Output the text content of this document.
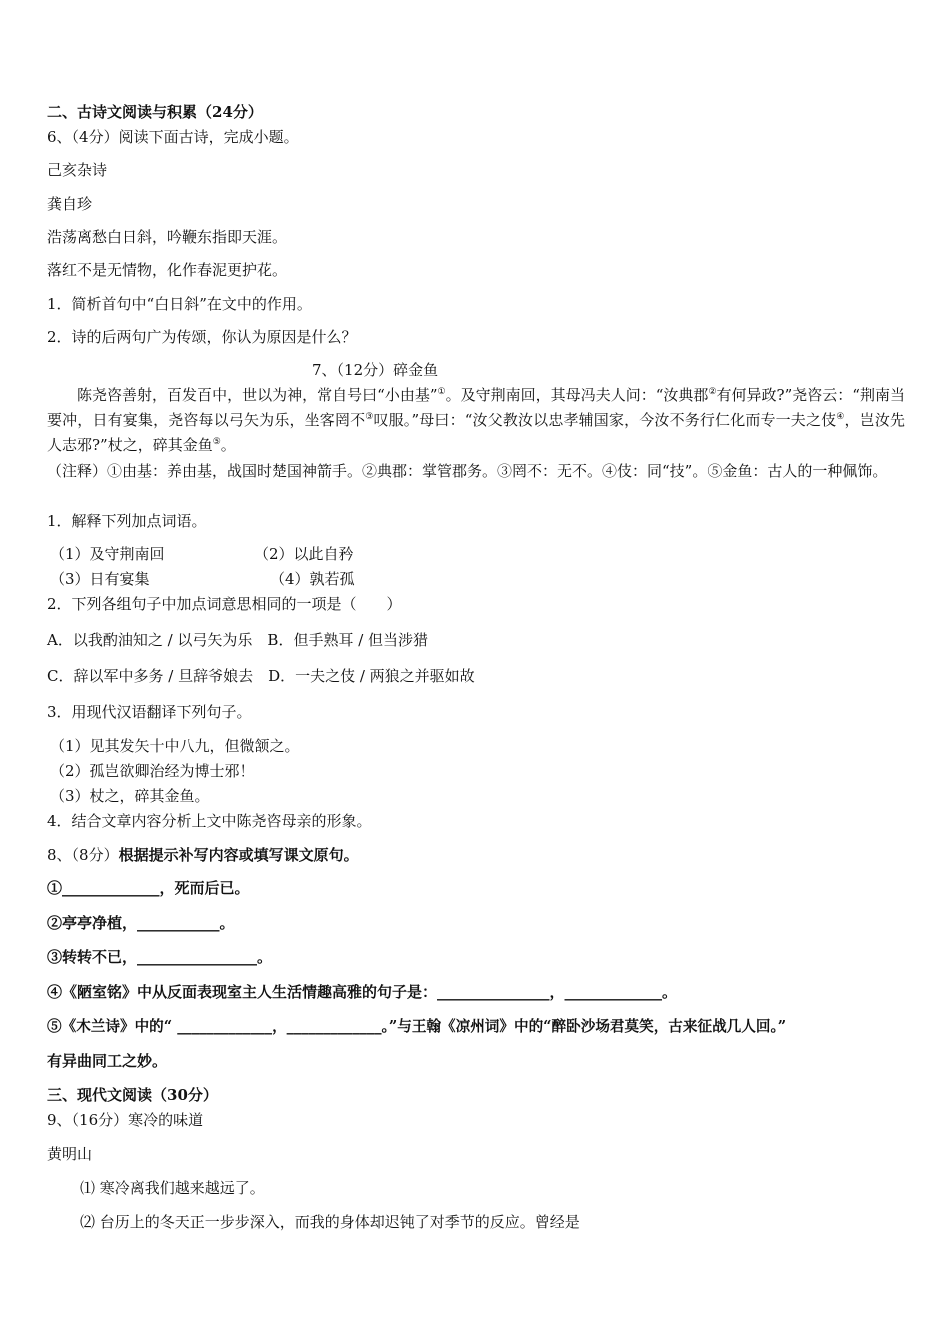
二、古诗文阅读与积累（24分）
6、（4分）阅读下面古诗，完成小题。
己亥杂诗
龚自珍
浩荡离愁白日斜，吟鞭东指即天涯。
落红不是无情物，化作春泥更护花。
1．简析首句中“白日斜”在文中的作用。
2．诗的后两句广为传颂，你认为原因是什么？
7、（12分）碎金鱼
陈尧咨善射，百发百中，世以为神，常自号曰“小由基”①。及守荆南回，其母冯夫人问：“汝典郡②有何异政?”尧咨云：“荆南当要冲，日有宴集，尧咨每以弓矢为乐，坐客罔不③叹服。”母曰：“汝父教汝以忠孝辅国家，今汝不务行仁化而专一夫之伎④，岂汝先人志邪?”杖之，碎其金鱼⑤。
（注释）①由基：养由基，战国时楚国神箭手。②典郡：掌管郡务。③罔不：无不。④伎：同“技”。⑤金鱼：古人的一种佩饰。
1．解释下列加点词语。
（1）及守荆南回	（2）以此自矜
（3）日有宴集	（4）孰若孤
2．下列各组句子中加点词意思相同的一项是（　　）
A．以我酌油知之 / 以弓矢为乐　B．但手熟耳 / 但当涉猎
C．辞以军中多务 / 旦辞爷娘去　D．一夫之伎 / 两狼之并驱如故
3．用现代汉语翻译下列句子。
（1）见其发矢十中八九，但微颔之。
（2）孤岂欲卿治经为博士邪！
（3）杖之，碎其金鱼。
4．结合文章内容分析上文中陈尧咨母亲的形象。
8、（8分）根据提示补写内容或填写课文原句。
①_____________，死而后已。
②亭亭净植，___________。
③转转不已，________________。
④《陋室铭》中从反面表现室主人生活情趣高雅的句子是：_______________，_____________。
⑤《木兰诗》中的“ _____________，_____________。”与王翰《凉州词》中的“醉卧沙场君莫笑，古来征战几人回。”
有异曲同工之妙。
三、现代文阅读（30分）
9、（16分）寒冷的味道
黄明山
⑴ 寒冷离我们越来越远了。
⑵ 台历上的冬天正一步步深入，而我的身体却迟钝了对季节的反应。曾经是
